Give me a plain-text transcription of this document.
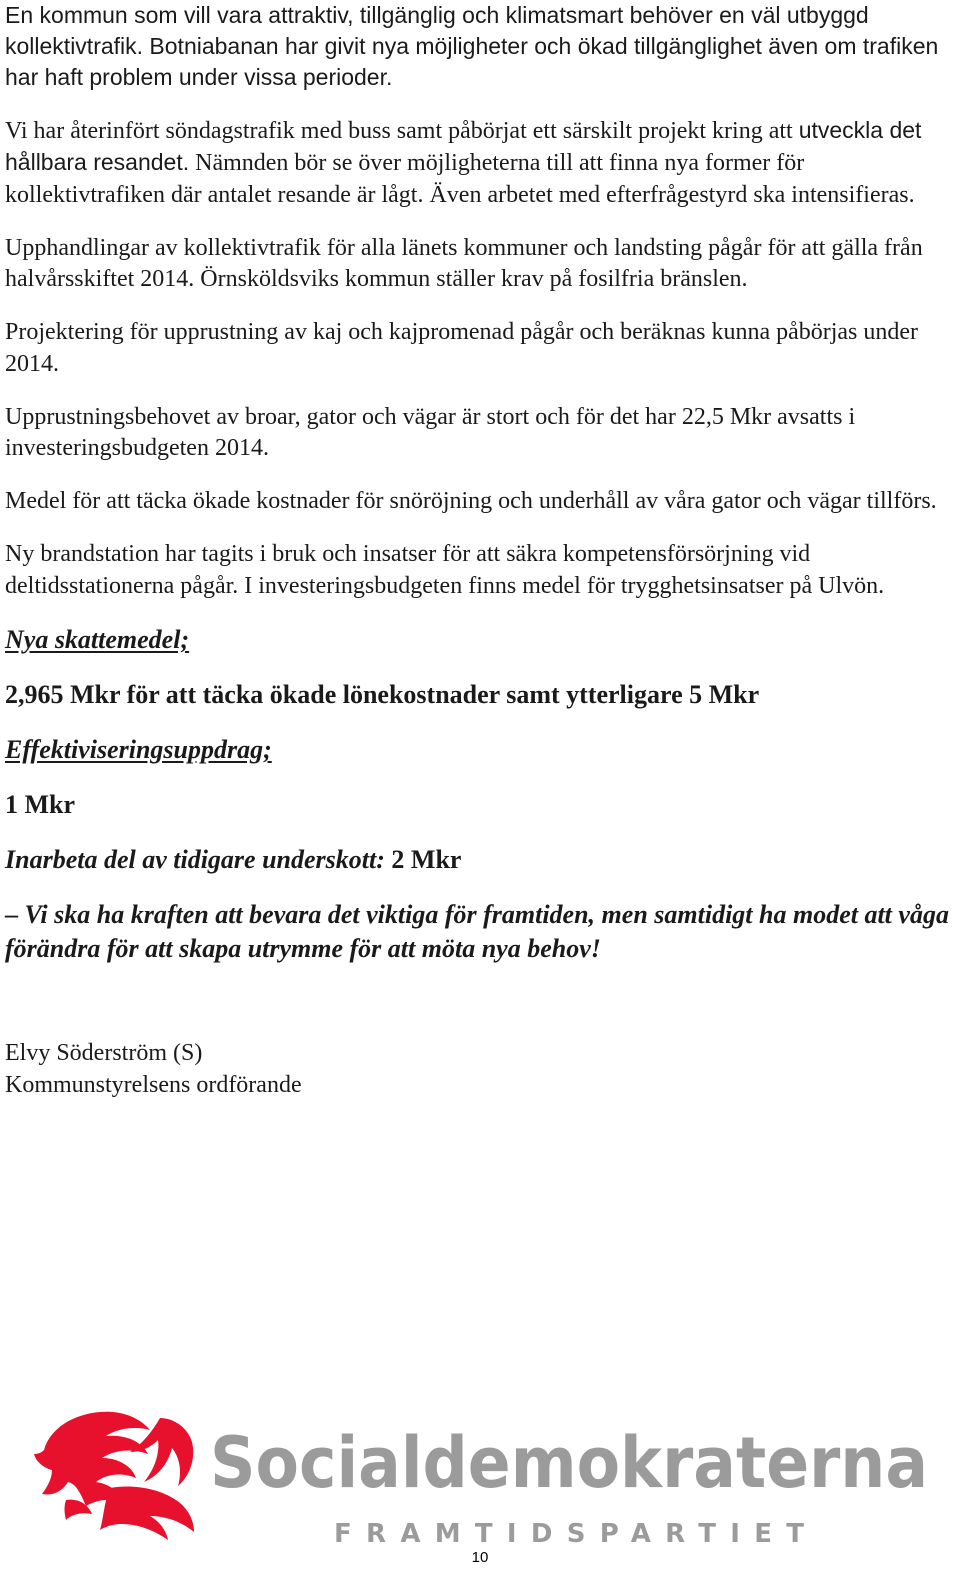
En kommun som vill vara attraktiv, tillgänglig och klimatsmart behöver en väl utbyggd kollektivtrafik. Botniabanan har givit nya möjligheter och ökad tillgänglighet även om trafiken har haft problem under vissa perioder.

Vi har återinfört söndagstrafik med buss samt påbörjat ett särskilt projekt kring att utveckla det hållbara resandet. Nämnden bör se över möjligheterna till att finna nya former för kollektivtrafiken där antalet resande är lågt. Även arbetet med efterfrågestyrd ska intensifieras.

Upphandlingar av kollektivtrafik för alla länets kommuner och landsting pågår för att gälla från halvårsskiftet 2014. Örnsköldsviks kommun ställer krav på fosilfria bränslen.

Projektering för upprustning av kaj och kajpromenad pågår och beräknas kunna påbörjas under 2014.

Upprustningsbehovet av broar, gator och vägar är stort och för det har 22,5 Mkr avsatts i investeringsbudgeten 2014.

Medel för att täcka ökade kostnader för snöröjning och underhåll av våra gator och vägar tillförs.

Ny brandstation har tagits i bruk och insatser för att säkra kompetensförsörjning vid deltidsstationerna pågår. I investeringsbudgeten finns medel för trygghetsinsatser på Ulvön.

Nya skattemedel;

2,965 Mkr för att täcka ökade lönekostnader samt ytterligare 5 Mkr

Effektiviseringsuppdrag;

1 Mkr

Inarbeta del av tidigare underskott: 2 Mkr

– Vi ska ha kraften att bevara det viktiga för framtiden, men samtidigt ha modet att våga förändra för att skapa utrymme för att möta nya behov!

Elvy Söderström (S)

Kommunstyrelsens ordförande

Socialdemokraterna
FRAMTIDSPARTIET
10
